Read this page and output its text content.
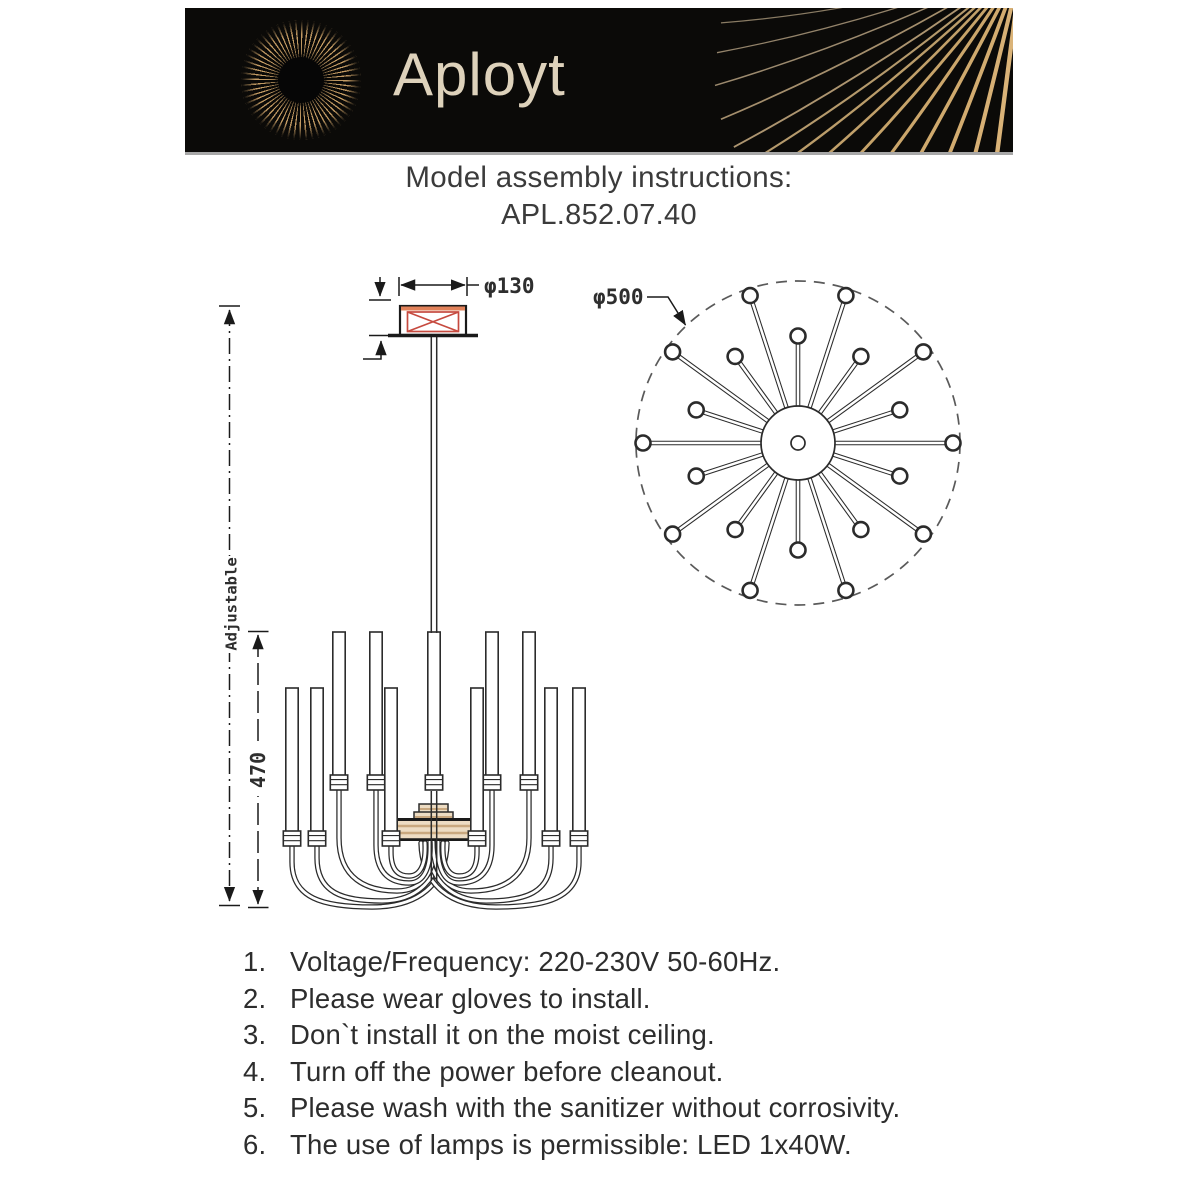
Aployt
Model assembly instructions:
APL.852.07.40
Adjustable
470
φ130	φ500
1. Voltage/Frequency: 220-230V 50-60Hz.
2. Please wear gloves to install.
3. Don`t install it on the moist ceiling.
4. Turn off the power before cleanout.
5. Please wash with the sanitizer without corrosivity.
6. The use of lamps is permissible: LED 1x40W.
